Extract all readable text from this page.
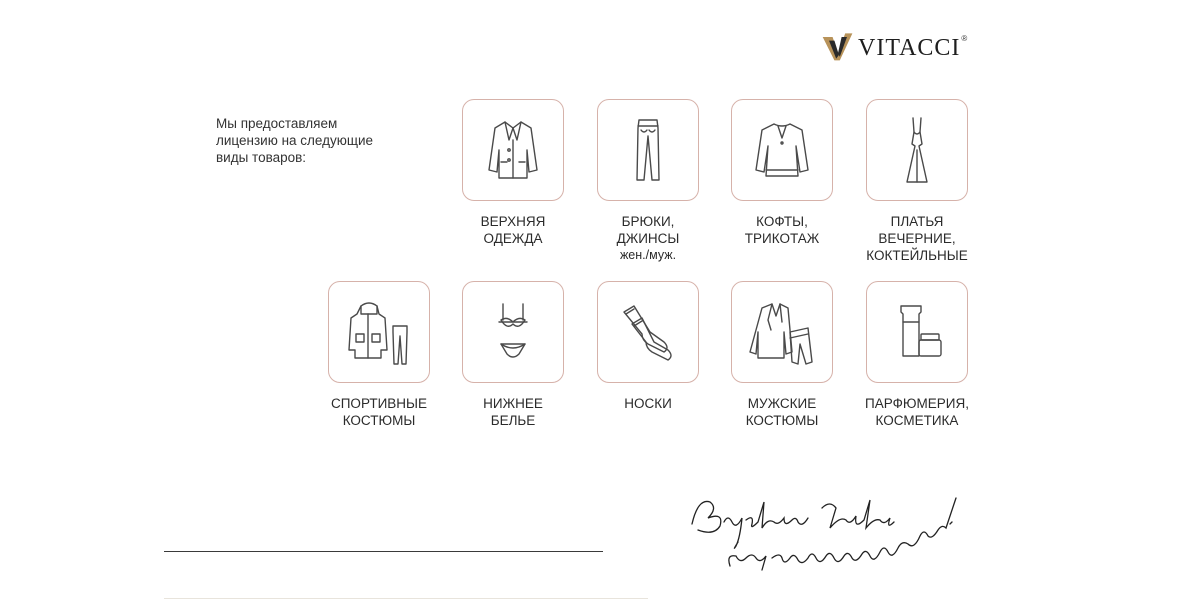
VITACCI ®
Мы предоставляем
лицензию на следующие
виды товаров:
ВЕРХНЯЯ
ОДЕЖДА
БРЮКИ,
ДЖИНСЫ
жен./муж.
КОФТЫ,
ТРИКОТАЖ
ПЛАТЬЯ
ВЕЧЕРНИЕ,
КОКТЕЙЛЬНЫЕ
СПОРТИВНЫЕ
КОСТЮМЫ
НИЖНЕЕ
БЕЛЬЕ
НОСКИ	МУЖСКИЕ
КОСТЮМЫ
ПАРФЮМЕРИЯ,
КОСМЕТИКА
